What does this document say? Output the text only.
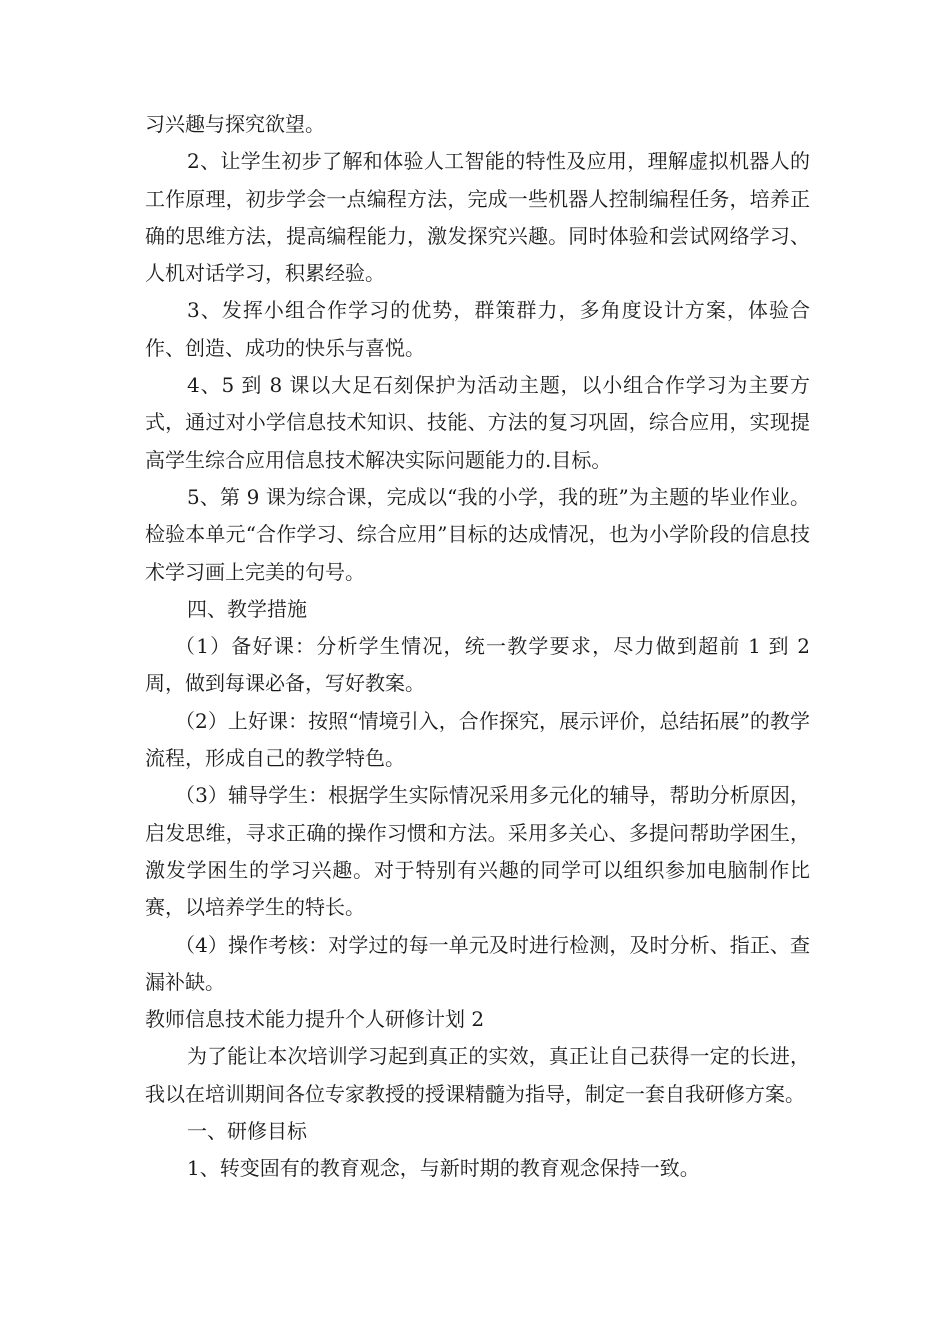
习兴趣与探究欲望。

2、让学生初步了解和体验人工智能的特性及应用，理解虚拟机器人的工作原理，初步学会一点编程方法，完成一些机器人控制编程任务，培养正确的思维方法，提高编程能力，激发探究兴趣。同时体验和尝试网络学习、人机对话学习，积累经验。

3、发挥小组合作学习的优势，群策群力，多角度设计方案，体验合作、创造、成功的快乐与喜悦。

4、5 到 8 课以大足石刻保护为活动主题，以小组合作学习为主要方式，通过对小学信息技术知识、技能、方法的复习巩固，综合应用，实现提高学生综合应用信息技术解决实际问题能力的.目标。

5、第 9 课为综合课，完成以“我的小学，我的班”为主题的毕业作业。检验本单元“合作学习、综合应用”目标的达成情况，也为小学阶段的信息技术学习画上完美的句号。

四、教学措施

（1）备好课：分析学生情况，统一教学要求，尽力做到超前 1 到 2 周，做到每课必备，写好教案。

（2）上好课：按照“情境引入，合作探究，展示评价，总结拓展”的教学流程，形成自己的教学特色。

（3）辅导学生：根据学生实际情况采用多元化的辅导，帮助分析原因，启发思维，寻求正确的操作习惯和方法。采用多关心、多提问帮助学困生，激发学困生的学习兴趣。对于特别有兴趣的同学可以组织参加电脑制作比赛，以培养学生的特长。

（4）操作考核：对学过的每一单元及时进行检测，及时分析、指正、查漏补缺。

教师信息技术能力提升个人研修计划 2

为了能让本次培训学习起到真正的实效，真正让自己获得一定的长进，我以在培训期间各位专家教授的授课精髓为指导，制定一套自我研修方案。

一、研修目标

1、转变固有的教育观念，与新时期的教育观念保持一致。
